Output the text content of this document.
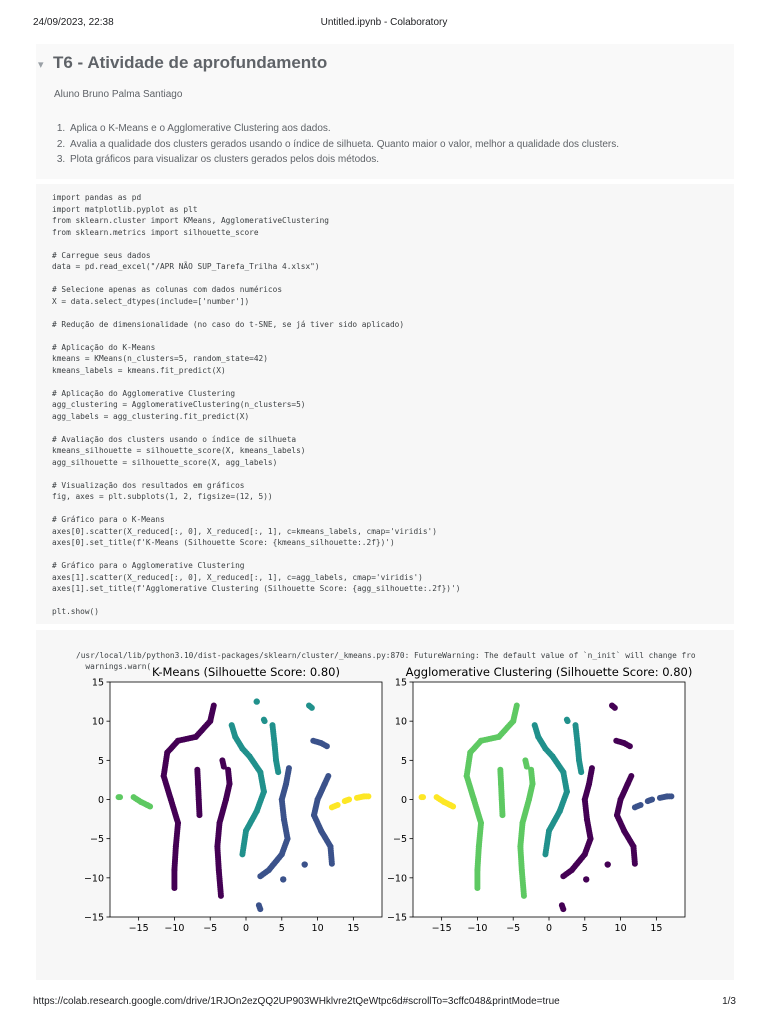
24/09/2023, 22:38	Untitled.ipynb - Colaboratory
▾ T6 - Atividade de aprofundamento
Aluno Bruno Palma Santiago
1. Aplica o K-Means e o Agglomerative Clustering aos dados.
2. Avalia a qualidade dos clusters gerados usando o índice de silhueta. Quanto maior o valor, melhor a qualidade dos clusters.
3. Plota gráficos para visualizar os clusters gerados pelos dois métodos.
import pandas as pd
import matplotlib.pyplot as plt
from sklearn.cluster import KMeans, AgglomerativeClustering
from sklearn.metrics import silhouette_score

# Carregue seus dados
data = pd.read_excel("/APR NÃO SUP_Tarefa_Trilha 4.xlsx")

# Selecione apenas as colunas com dados numéricos
X = data.select_dtypes(include=['number'])

# Redução de dimensionalidade (no caso do t-SNE, se já tiver sido aplicado)

# Aplicação do K-Means
kmeans = KMeans(n_clusters=5, random_state=42)
kmeans_labels = kmeans.fit_predict(X)

# Aplicação do Agglomerative Clustering
agg_clustering = AgglomerativeClustering(n_clusters=5)
agg_labels = agg_clustering.fit_predict(X)

# Avaliação dos clusters usando o índice de silhueta
kmeans_silhouette = silhouette_score(X, kmeans_labels)
agg_silhouette = silhouette_score(X, agg_labels)

# Visualização dos resultados em gráficos
fig, axes = plt.subplots(1, 2, figsize=(12, 5))

# Gráfico para o K-Means
axes[0].scatter(X_reduced[:, 0], X_reduced[:, 1], c=kmeans_labels, cmap='viridis')
axes[0].set_title(f'K-Means (Silhouette Score: {kmeans_silhouette:.2f})')

# Gráfico para o Agglomerative Clustering
axes[1].scatter(X_reduced[:, 0], X_reduced[:, 1], c=agg_labels, cmap='viridis')
axes[1].set_title(f'Agglomerative Clustering (Silhouette Score: {agg_silhouette:.2f})')

plt.show()

/usr/local/lib/python3.10/dist-packages/sklearn/cluster/_kmeans.py:870: FutureWarning: The default value of `n_init` will change fro
warnings.warn( K-Means (Silhouette Score: 0.80)
−15 −10 −5	0	5	10 15
−15
−10
−5
0
5
10
15
Agglomerative Clustering (Silhouette Score: 0.80)
−15 −10 −5	0	5	10 15
−15
−10
−5
0
5
10
15
https://colab.research.google.com/drive/1RJOn2ezQQ2UP903WHklvre2tQeWtpc6d#scrollTo=3cffc048&printMode=true	1/3
